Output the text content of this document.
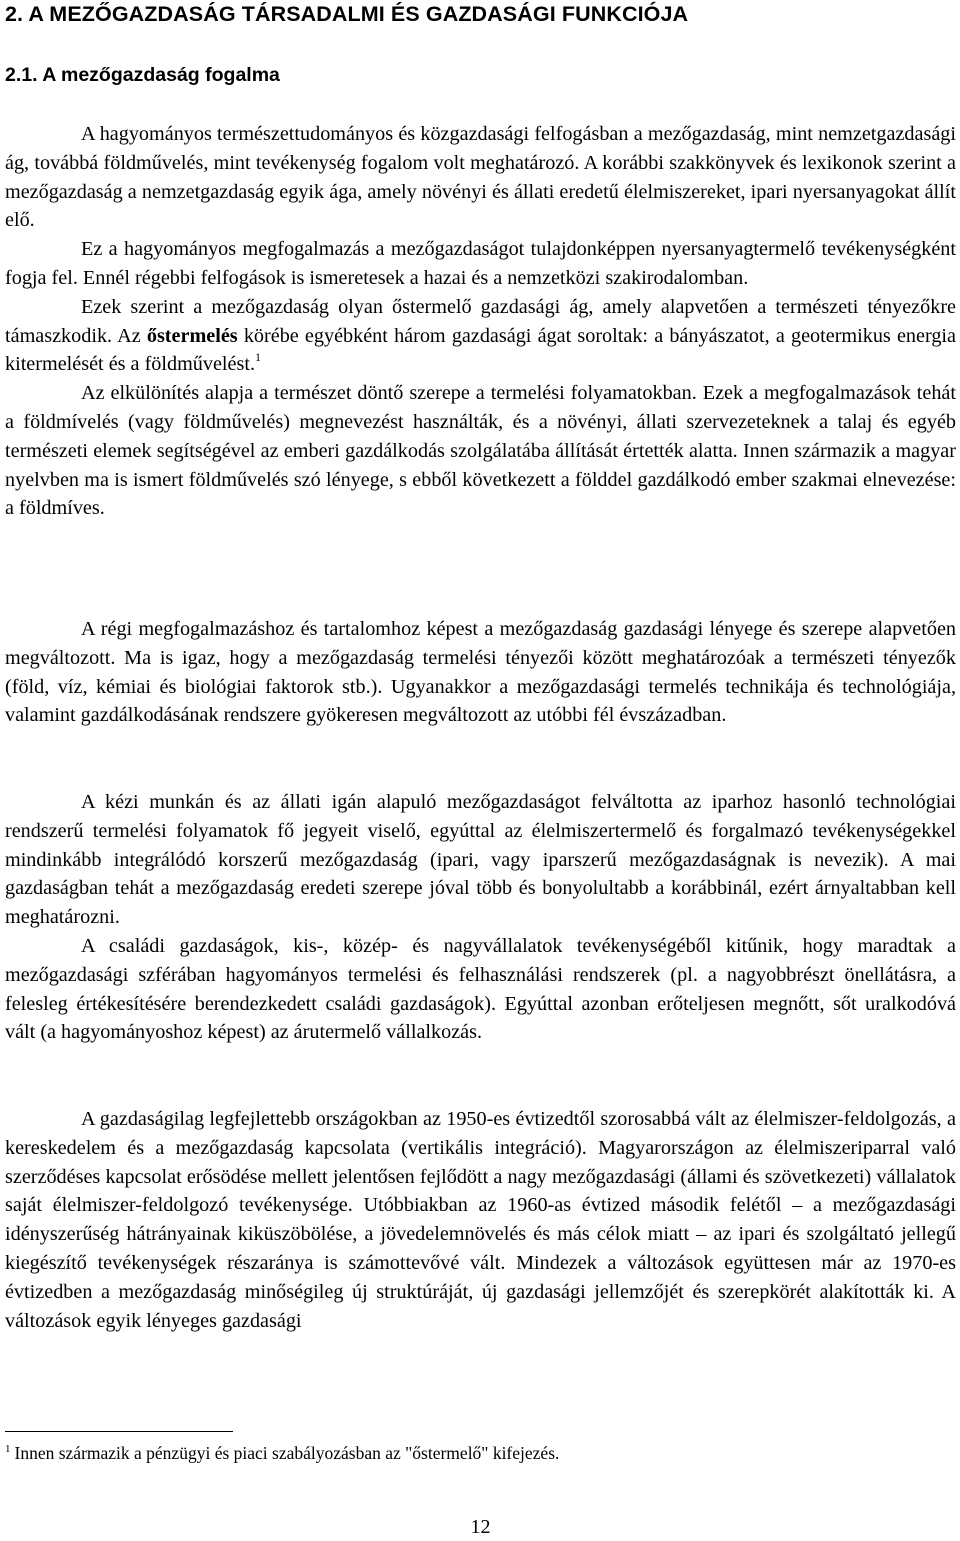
2. A MEZŐGAZDASÁG TÁRSADALMI ÉS GAZDASÁGI FUNKCIÓJA
2.1. A mezőgazdaság fogalma

A hagyományos természettudományos és közgazdasági felfogásban a mezőgazdaság, mint nemzetgazdasági ág, továbbá földművelés, mint tevékenység fogalom volt meghatározó. A korábbi szakkönyvek és lexikonok szerint a mezőgazdaság a nemzetgazdaság egyik ága, amely növényi és állati eredetű élelmiszereket, ipari nyersanyagokat állít elő.

Ez a hagyományos megfogalmazás a mezőgazdaságot tulajdonképpen nyersanyagtermelő tevékenységként fogja fel. Ennél régebbi felfogások is ismeretesek a hazai és a nemzetközi szakirodalomban.

Ezek szerint a mezőgazdaság olyan őstermelő gazdasági ág, amely alapvetően a természeti tényezőkre támaszkodik. Az őstermelés körébe egyébként három gazdasági ágat soroltak: a bányászatot, a geotermikus energia kitermelését és a földművelést.$^1$

Az elkülönítés alapja a természet döntő szerepe a termelési folyamatokban. Ezek a megfogalmazások tehát a földmívelés (vagy földművelés) megnevezést használták, és a növényi, állati szervezeteknek a talaj és egyéb természeti elemek segítségével az emberi gazdálkodás szolgálatába állítását értették alatta. Innen származik a magyar nyelvben ma is ismert földművelés szó lényege, s ebből következett a földdel gazdálkodó ember szakmai elnevezése: a földmíves.

A régi megfogalmazáshoz és tartalomhoz képest a mezőgazdaság gazdasági lényege és szerepe alapvetően megváltozott. Ma is igaz, hogy a mezőgazdaság termelési tényezői között meghatározóak a természeti tényezők (föld, víz, kémiai és biológiai faktorok stb.). Ugyanakkor a mezőgazdasági termelés technikája és technológiája, valamint gazdálkodásának rendszere gyökeresen megváltozott az utóbbi fél évszázadban.

A kézi munkán és az állati igán alapuló mezőgazdaságot felváltotta az iparhoz hasonló technológiai rendszerű termelési folyamatok fő jegyeit viselő, egyúttal az élelmiszertermelő és forgalmazó tevékenységekkel mindinkább integrálódó korszerű mezőgazdaság (ipari, vagy iparszerű mezőgazdaságnak is nevezik). A mai gazdaságban tehát a mezőgazdaság eredeti szerepe jóval több és bonyolultabb a korábbinál, ezért árnyaltabban kell meghatározni.

A családi gazdaságok, kis-, közép- és nagyvállalatok tevékenységéből kitűnik, hogy maradtak a mezőgazdasági szférában hagyományos termelési és felhasználási rendszerek (pl. a nagyobbrészt önellátásra, a felesleg értékesítésére berendezkedett családi gazdaságok). Egyúttal azonban erőteljesen megnőtt, sőt uralkodóvá vált (a hagyományoshoz képest) az árutermelő vállalkozás.

A gazdaságilag legfejlettebb országokban az 1950-es évtizedtől szorosabbá vált az élelmiszer-feldolgozás, a kereskedelem és a mezőgazdaság kapcsolata (vertikális integráció). Magyarországon az élelmiszeriparral való szerződéses kapcsolat erősödése mellett jelentősen fejlődött a nagy mezőgazdasági (állami és szövetkezeti) vállalatok saját élelmiszer-feldolgozó tevékenysége. Utóbbiakban az 1960-as évtized második felétől – a mezőgazdasági idényszerűség hátrányainak kiküszöbölése, a jövedelemnövelés és más célok miatt – az ipari és szolgáltató jellegű kiegészítő tevékenységek részaránya is számottevővé vált. Mindezek a változások együttesen már az 1970-es évtizedben a mezőgazdaság minőségileg új struktúráját, új gazdasági jellemzőjét és szerepkörét alakították ki. A változások egyik lényeges gazdasági

$^1$ Innen származik a pénzügyi és piaci szabályozásban az "őstermelő" kifejezés.

12
